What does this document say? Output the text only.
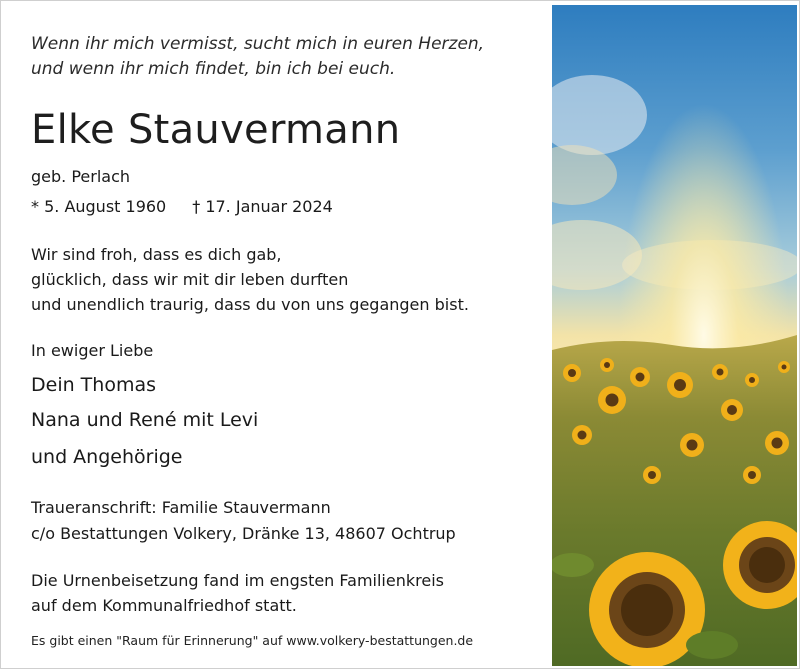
Wenn ihr mich vermisst, sucht mich in euren Herzen,
und wenn ihr mich findet, bin ich bei euch.
Elke Stauvermann
geb. Perlach
* 5. August 1960 † 17. Januar 2024
Wir sind froh, dass es dich gab,
glücklich, dass wir mit dir leben durften
und unendlich traurig, dass du von uns gegangen bist.
In ewiger Liebe
Dein Thomas
Nana und René mit Levi
und Angehörige
Traueranschrift: Familie Stauvermann
c/o Bestattungen Volkery, Dränke 13, 48607 Ochtrup
Die Urnenbeisetzung fand im engsten Familienkreis
auf dem Kommunalfriedhof statt.
Es gibt einen "Raum für Erinnerung" auf www.volkery-bestattungen.de
